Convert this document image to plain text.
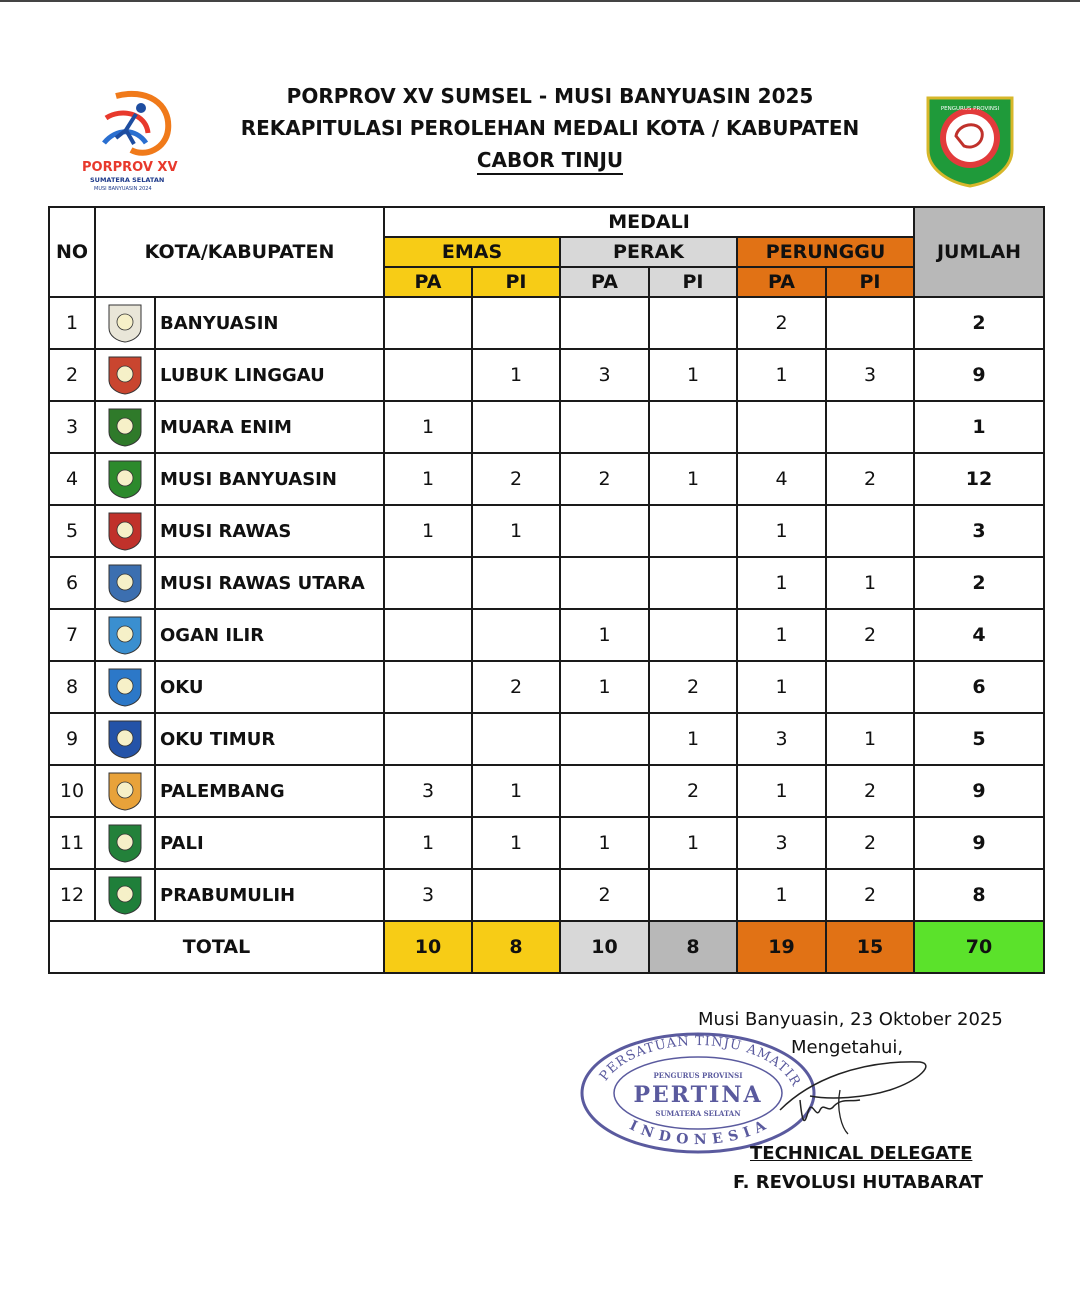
PORPROV XV
SUMATERA SELATAN
MUSI BANYUASIN 2024
PORPROV XV SUMSEL - MUSI BANYUASIN 2025
REKAPITULASI PEROLEHAN MEDALI KOTA / KABUPATEN
CABOR TINJU
PENGURUS PROVINSI
NO	KOTA/KABUPATEN		MEDALI						JUMLAH
			EMAS		PERAK		PERUNGGU		
			PA	PI	PA	PI	PA	PI	
1		BANYUASIN					2		2
2		LUBUK LINGGAU		1	3	1	1	3	9
3		MUARA ENIM	1						1
4		MUSI BANYUASIN	1	2	2	1	4	2	12
5		MUSI RAWAS	1	1			1		3
6		MUSI RAWAS UTARA					1	1	2
7		OGAN ILIR			1		1	2	4
8		OKU		2	1	2	1		6
9		OKU TIMUR				1	3	1	5
10		PALEMBANG	3	1		2	1	2	9
11		PALI	1	1	1	1	3	2	9
12		PRABUMULIH	3		2		1	2	8
TOTAL			10	8	10	8	19	15	70
Musi Banyuasin, 23 Oktober 2025
Mengetahui,
PERSATUAN TINJU AMATIR
INDONESIA
PENGURUS PROVINSI
PERTINA
SUMATERA SELATAN
TECHNICAL DELEGATE
F. REVOLUSI HUTABARAT
